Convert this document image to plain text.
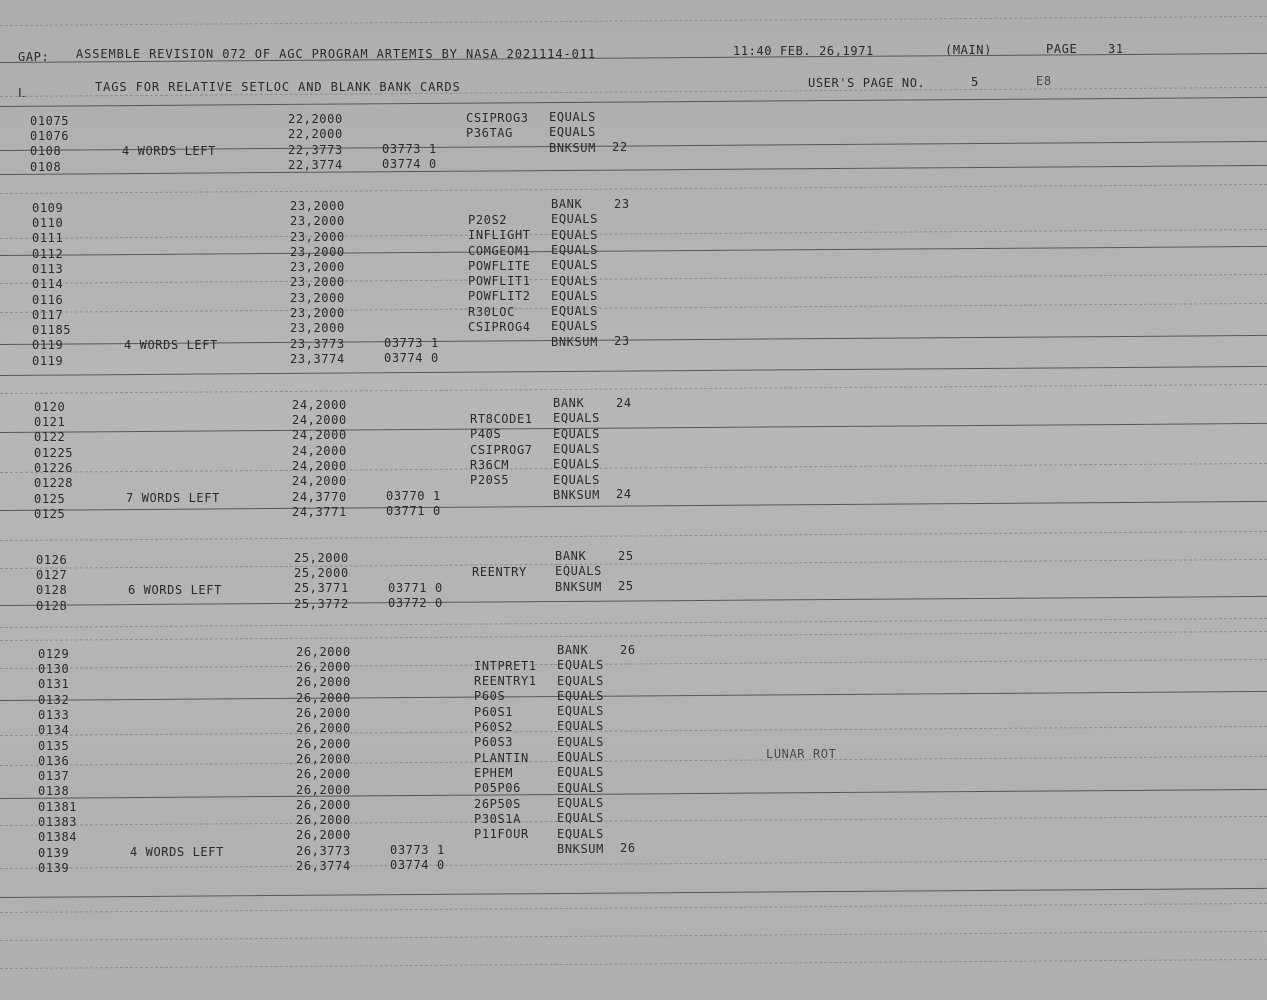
GAP: ASSEMBLE REVISION 072 OF AGC PROGRAM ARTEMIS BY NASA 2021114-011	11:40 FEB. 26,1971	(MAIN)	PAGE	31
L	TAGS FOR RELATIVE SETLOC AND BLANK BANK CARDS	USER'S PAGE NO.	5	E8
LUNAR ROT
01075	22,2000	CSIPROG3 EQUALS
01076	22,2000	P36TAG	EQUALS
0108	4 WORDS LEFT	22,3773	03773 1	BNKSUM 22
0108	22,3774	03774 0
0109	23,2000	BANK	23
0110	23,2000	P20S2	EQUALS
0111	23,2000	INFLIGHT EQUALS
0112	23,2000	COMGEOM1 EQUALS
0113	23,2000	POWFLITE EQUALS
0114	23,2000	POWFLIT1 EQUALS
0116	23,2000	POWFLIT2 EQUALS
0117	23,2000	R30LOC	EQUALS
01185	23,2000	CSIPROG4 EQUALS
0119	4 WORDS LEFT	23,3773	03773 1	BNKSUM 23
0119	23,3774	03774 0
0120	24,2000	BANK	24
0121	24,2000	RT8CODE1 EQUALS
0122	24,2000	P40S	EQUALS
01225	24,2000	CSIPROG7 EQUALS
01226	24,2000	R36CM	EQUALS
01228	24,2000	P20S5	EQUALS
0125	7 WORDS LEFT	24,3770	03770 1	BNKSUM 24
0125	24,3771	03771 0
0126	25,2000	BANK	25
0127	25,2000	REENTRY EQUALS
0128	6 WORDS LEFT	25,3771	03771 0	BNKSUM 25
0128	25,3772	03772 0
0129	26,2000	BANK	26
0130	26,2000	INTPRET1 EQUALS
0131	26,2000	REENTRY1 EQUALS
0132	26,2000	P60S	EQUALS
0133	26,2000	P60S1	EQUALS
0134	26,2000	P60S2	EQUALS
0135	26,2000	P60S3	EQUALS
0136	26,2000	PLANTIN EQUALS
0137	26,2000	EPHEM	EQUALS
0138	26,2000	P05P06	EQUALS
01381	26,2000	26P50S	EQUALS
01383	26,2000	P30S1A	EQUALS
01384	26,2000	P11FOUR EQUALS
0139	4 WORDS LEFT	26,3773	03773 1	BNKSUM 26
0139	26,3774	03774 0
